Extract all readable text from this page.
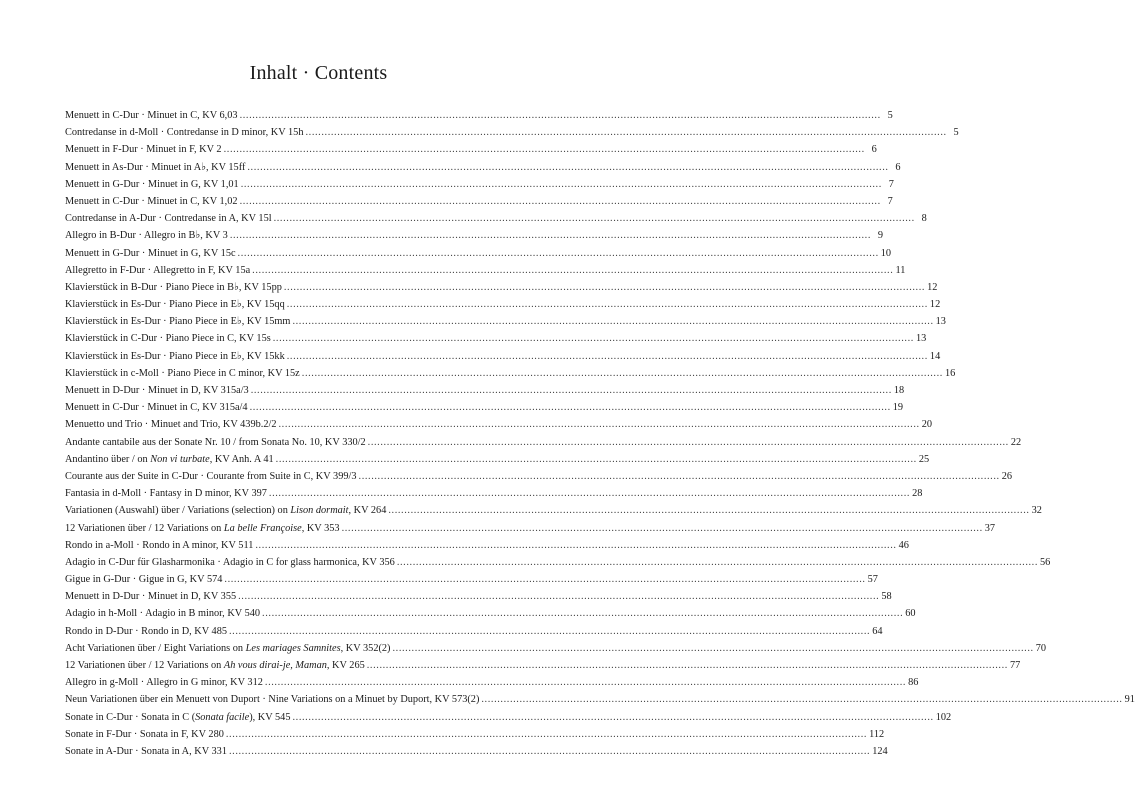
Inhalt · Contents
Menuett in C-Dur · Minuet in C, KV 6,03 .....	5
Contredanse in d-Moll · Contredanse in D minor, KV 15h .....	5
Menuett in F-Dur · Minuet in F, KV 2 .....	6
Menuett in As-Dur · Minuet in A♭, KV 15ff .....	6
Menuett in G-Dur · Minuet in G, KV 1,01 .....	7
Menuett in C-Dur · Minuet in C, KV 1,02 .....	7
Contredanse in A-Dur · Contredanse in A, KV 15l .....	8
Allegro in B-Dur · Allegro in B♭, KV 3 .....	9
Menuett in G-Dur · Minuet in G, KV 15c .....	10
Allegretto in F-Dur · Allegretto in F, KV 15a .....	11
Klavierstück in B-Dur · Piano Piece in B♭, KV 15pp .....	12
Klavierstück in Es-Dur · Piano Piece in E♭, KV 15qq .....	12
Klavierstück in Es-Dur · Piano Piece in E♭, KV 15mm .....	13
Klavierstück in C-Dur · Piano Piece in C, KV 15s .....	13
Klavierstück in Es-Dur · Piano Piece in E♭, KV 15kk .....	14
Klavierstück in c-Moll · Piano Piece in C minor, KV 15z .....	16
Menuett in D-Dur · Minuet in D, KV 315a/3 .....	18
Menuett in C-Dur · Minuet in C, KV 315a/4 .....	19
Menuetto und Trio · Minuet and Trio, KV 439b.2/2 .....	20
Andante cantabile aus der Sonate Nr. 10 / from Sonata No. 10, KV 330/2 .....	22
Andantino über / on Non vi turbate, KV Anh. A 41 .....	25
Courante aus der Suite in C-Dur · Courante from Suite in C, KV 399/3 .....	26
Fantasia in d-Moll · Fantasy in D minor, KV 397 .....	28
Variationen (Auswahl) über / Variations (selection) on Lison dormait, KV 264 .....	32
12 Variationen über / 12 Variations on La belle Françoise, KV 353 .....	37
Rondo in a-Moll · Rondo in A minor, KV 511 .....	46
Adagio in C-Dur für Glasharmonika · Adagio in C for glass harmonica, KV 356 .....	56
Gigue in G-Dur · Gigue in G, KV 574 .....	57
Menuett in D-Dur · Minuet in D, KV 355 .....	58
Adagio in h-Moll · Adagio in B minor, KV 540 .....	60
Rondo in D-Dur · Rondo in D, KV 485 .....	64
Acht Variationen über / Eight Variations on Les mariages Samnites, KV 352(2) .....	70
12 Variationen über / 12 Variations on Ah vous dirai-je, Maman, KV 265 .....	77
Allegro in g-Moll · Allegro in G minor, KV 312 .....	86
Neun Variationen über ein Menuett von Duport · Nine Variations on a Minuet by Duport, KV 573(2) .....	91
Sonate in C-Dur · Sonata in C (Sonata facile), KV 545 .....	102
Sonate in F-Dur · Sonata in F, KV 280 .....	112
Sonate in A-Dur · Sonata in A, KV 331 .....	124
